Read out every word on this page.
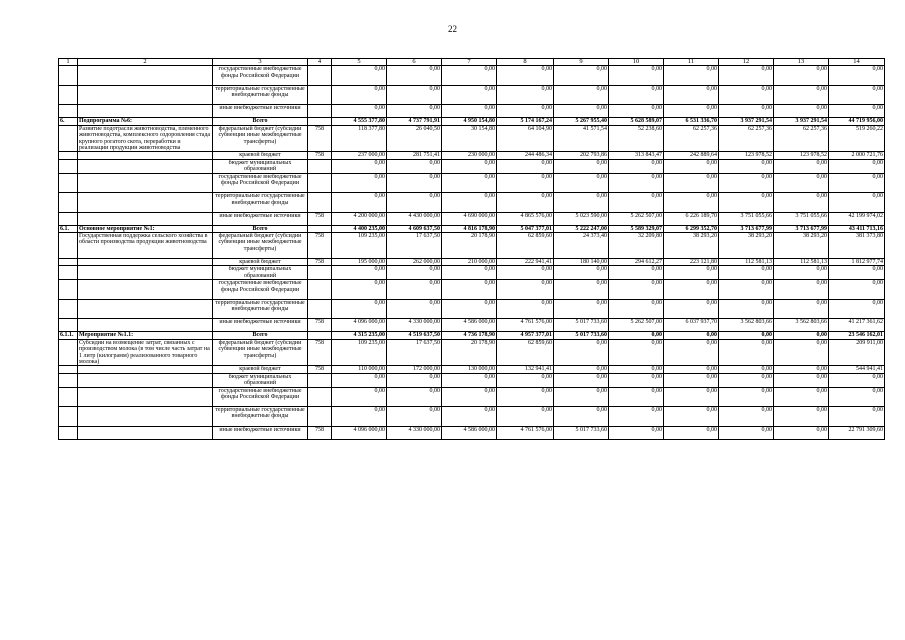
22
1	2	3	4	5	6	7	8	9	10	11	12	13	14
		государственные внебюджетные фонды Российской Федерации		0,00	0,00	0,00	0,00	0,00	0,00	0,00	0,00	0,00	0,00
		территориальные государственные внебюджетные фонды		0,00	0,00	0,00	0,00	0,00	0,00	0,00	0,00	0,00	0,00
		иные внебюджетные источники		0,00	0,00	0,00	0,00	0,00	0,00	0,00	0,00	0,00	0,00
6.	Подпрограмма №6:	Всего		4 555 377,80	4 737 791,91	4 950 154,80	5 174 167,24	5 267 955,40	5 628 589,07	6 531 336,70	3 937 291,54	3 937 291,54	44 719 956,00
	Развитие подотрасли животноводства, племенного животноводства, комплексного оздоровления стада крупного рогатого скота, переработки и реализации продукции животноводства	федеральный бюджет (субсидии субвенции иные межбюджетные трансферты)	758	118 377,80	26 040,50	30 154,80	64 104,90	41 571,54	52 238,60	62 257,36	62 257,36	62 257,36	519 260,22
		краевой бюджет	758	237 000,00	281 751,41	230 000,00	244 486,34	202 793,86	313 843,47	242 889,64	123 978,52	123 978,52	2 000 721,76
		бюджет муниципальных образований		0,00	0,00	0,00	0,00	0,00	0,00	0,00	0,00	0,00	0,00
		государственные внебюджетные фонды Российской Федерации		0,00	0,00	0,00	0,00	0,00	0,00	0,00	0,00	0,00	0,00
		территориальные государственные внебюджетные фонды		0,00	0,00	0,00	0,00	0,00	0,00	0,00	0,00	0,00	0,00
		иные внебюджетные источники	758	4 200 000,00	4 430 000,00	4 690 000,00	4 865 576,00	5 023 590,00	5 262 507,00	6 226 189,70	3 751 055,66	3 751 055,66	42 199 974,02
6.1.	Основное мероприятие №1:	Всего		4 400 235,00	4 609 637,50	4 816 178,90	5 047 377,01	5 222 247,00	5 589 329,07	6 299 352,70	3 713 677,99	3 713 677,99	43 411 713,16
	Государственная поддержка сельского хозяйства в области производства продукции животноводства	федеральный бюджет (субсидии субвенции иные межбюджетные трансферты)	758	109 235,00	17 637,50	20 178,90	62 859,60	24 373,40	32 209,80	38 293,20	38 293,20	38 293,20	381 373,80
		краевой бюджет	758	195 000,00	262 000,00	210 000,00	222 941,41	180 140,00	294 612,27	223 121,80	112 581,13	112 581,13	1 812 977,74
		бюджет муниципальных образований		0,00	0,00	0,00	0,00	0,00	0,00	0,00	0,00	0,00	0,00
		государственные внебюджетные фонды Российской Федерации		0,00	0,00	0,00	0,00	0,00	0,00	0,00	0,00	0,00	0,00
		территориальные государственные внебюджетные фонды		0,00	0,00	0,00	0,00	0,00	0,00	0,00	0,00	0,00	0,00
		иные внебюджетные источники	758	4 096 000,00	4 330 000,00	4 586 000,00	4 761 576,00	5 017 733,60	5 262 507,00	6 037 937,70	3 562 803,66	3 562 803,66	41 217 361,62
6.1.1.	Мероприятие №1.1:	Всего		4 315 235,00	4 519 637,50	4 736 178,90	4 957 377,01	5 017 733,60	0,00	0,00	0,00	0,00	23 546 162,01
	Субсидии на возмещение затрат, связанных с производством молока (в том числе часть затрат на 1 литр (килограмм) реализованного товарного молока)	федеральный бюджет (субсидии субвенции иные межбюджетные трансферты)	758	109 235,00	17 637,50	20 178,90	62 859,60	0,00	0,00	0,00	0,00	0,00	209 911,00
		краевой бюджет	758	110 000,00	172 000,00	130 000,00	132 941,41	0,00	0,00	0,00	0,00	0,00	544 941,41
		бюджет муниципальных образований		0,00	0,00	0,00	0,00	0,00	0,00	0,00	0,00	0,00	0,00
		государственные внебюджетные фонды Российской Федерации		0,00	0,00	0,00	0,00	0,00	0,00	0,00	0,00	0,00	0,00
		территориальные государственные внебюджетные фонды		0,00	0,00	0,00	0,00	0,00	0,00	0,00	0,00	0,00	0,00
		иные внебюджетные источники	758	4 096 000,00	4 330 000,00	4 586 000,00	4 761 576,00	5 017 733,60	0,00	0,00	0,00	0,00	22 791 309,60
